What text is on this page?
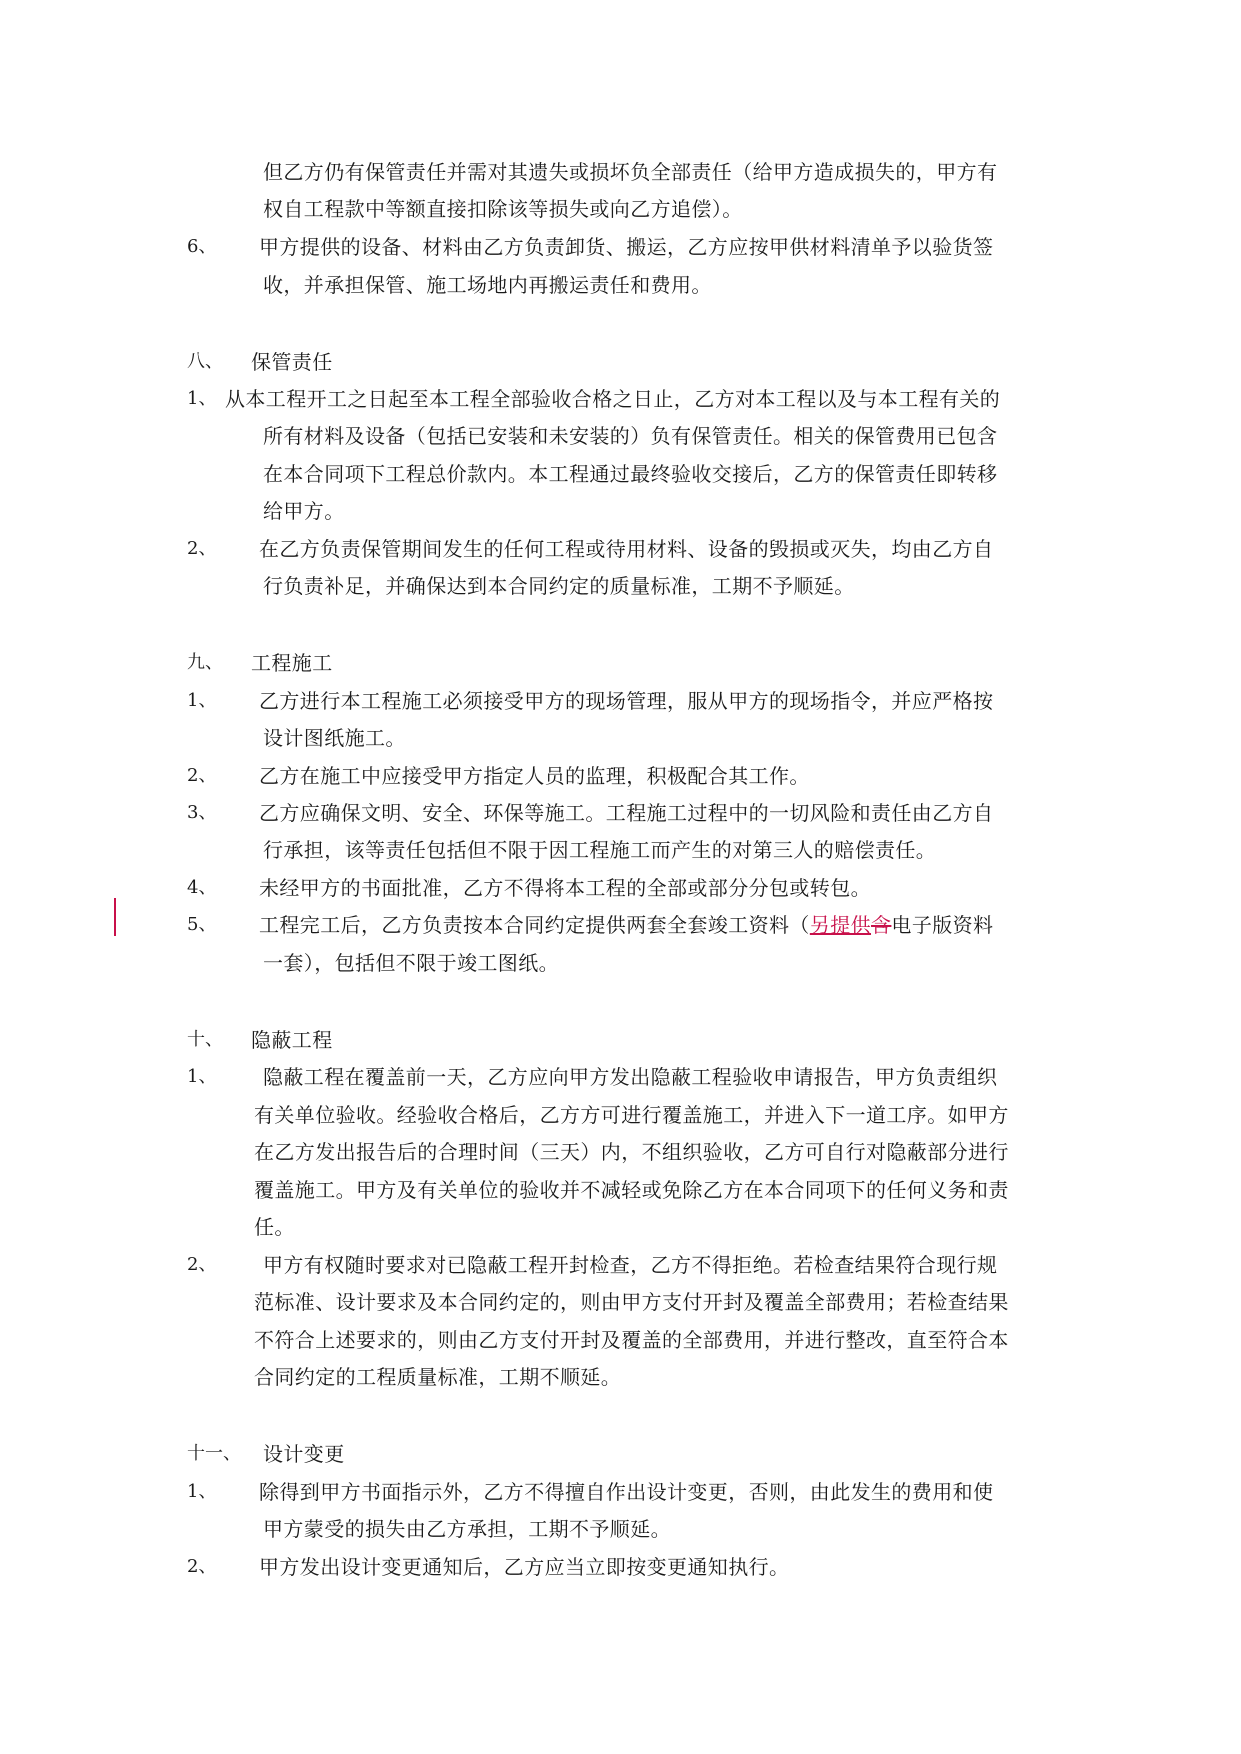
但乙方仍有保管责任并需对其遗失或损坏负全部责任（给甲方造成损失的，甲方有
权自工程款中等额直接扣除该等损失或向乙方追偿）。
6、 甲方提供的设备、材料由乙方负责卸货、搬运，乙方应按甲供材料清单予以验货签
收，并承担保管、施工场地内再搬运责任和费用。
八、 保管责任
1、 从本工程开工之日起至本工程全部验收合格之日止，乙方对本工程以及与本工程有关的
所有材料及设备（包括已安装和未安装的）负有保管责任。相关的保管费用已包含
在本合同项下工程总价款内。本工程通过最终验收交接后，乙方的保管责任即转移
给甲方。
2、 在乙方负责保管期间发生的任何工程或待用材料、设备的毁损或灭失，均由乙方自
行负责补足，并确保达到本合同约定的质量标准，工期不予顺延。
九、 工程施工
1、 乙方进行本工程施工必须接受甲方的现场管理，服从甲方的现场指令，并应严格按
设计图纸施工。
2、 乙方在施工中应接受甲方指定人员的监理，积极配合其工作。
3、 乙方应确保文明、安全、环保等施工。工程施工过程中的一切风险和责任由乙方自
行承担，该等责任包括但不限于因工程施工而产生的对第三人的赔偿责任。
4、 未经甲方的书面批准，乙方不得将本工程的全部或部分分包或转包。
5、 工程完工后，乙方负责按本合同约定提供两套全套竣工资料（另提供含电子版资料
一套），包括但不限于竣工图纸。
十、 隐蔽工程
1、 隐蔽工程在覆盖前一天，乙方应向甲方发出隐蔽工程验收申请报告，甲方负责组织
有关单位验收。经验收合格后，乙方方可进行覆盖施工，并进入下一道工序。如甲方
在乙方发出报告后的合理时间（三天）内，不组织验收，乙方可自行对隐蔽部分进行
覆盖施工。甲方及有关单位的验收并不减轻或免除乙方在本合同项下的任何义务和责
任。
2、 甲方有权随时要求对已隐蔽工程开封检查，乙方不得拒绝。若检查结果符合现行规
范标准、设计要求及本合同约定的，则由甲方支付开封及覆盖全部费用；若检查结果
不符合上述要求的，则由乙方支付开封及覆盖的全部费用，并进行整改，直至符合本
合同约定的工程质量标准，工期不顺延。
十一、 设计变更
1、 除得到甲方书面指示外，乙方不得擅自作出设计变更，否则，由此发生的费用和使
甲方蒙受的损失由乙方承担，工期不予顺延。
2、 甲方发出设计变更通知后，乙方应当立即按变更通知执行。
